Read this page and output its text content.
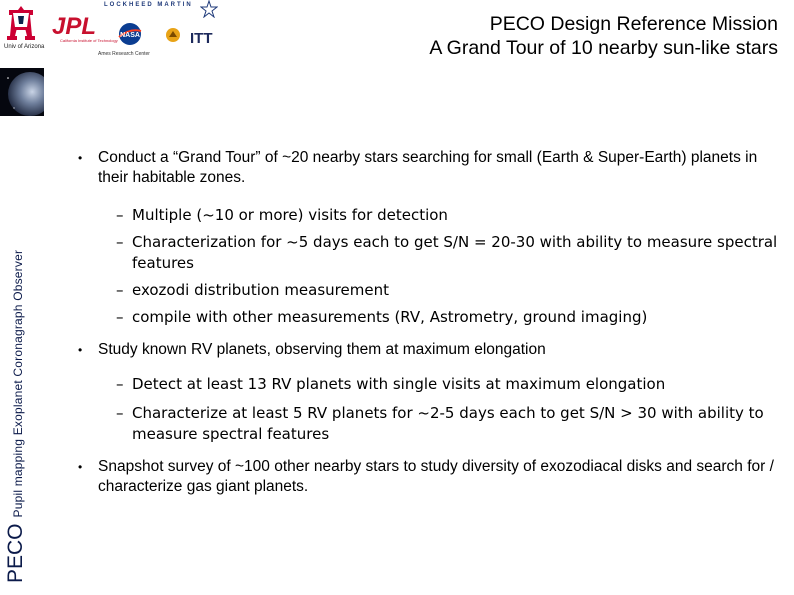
Univ of Arizona
JPL
California Institute of Technology
LOCKHEED MARTIN
NASA
Ames Research Center
ITT
PECO Design Reference Mission
A Grand Tour of 10 nearby sun-like stars
PECO
Pupil mapping Exoplanet Coronagraph Observer

• Conduct a “Grand Tour” of ~20 nearby stars searching for small (Earth & Super-Earth) planets in their habitable zones.

– Multiple (~10 or more) visits for detection
– Characterization for ~5 days each to get S/N = 20-30 with ability to measure spectral features
– exozodi distribution measurement
– compile with other measurements (RV, Astrometry, ground imaging)

• Study known RV planets, observing them at maximum elongation

– Detect at least 13 RV planets with single visits at maximum elongation
– Characterize at least 5 RV planets for ~2-5 days each to get S/N > 30 with ability to measure spectral features

• Snapshot survey of ~100 other nearby stars to study diversity of exozodiacal disks and search for / characterize gas giant planets.
